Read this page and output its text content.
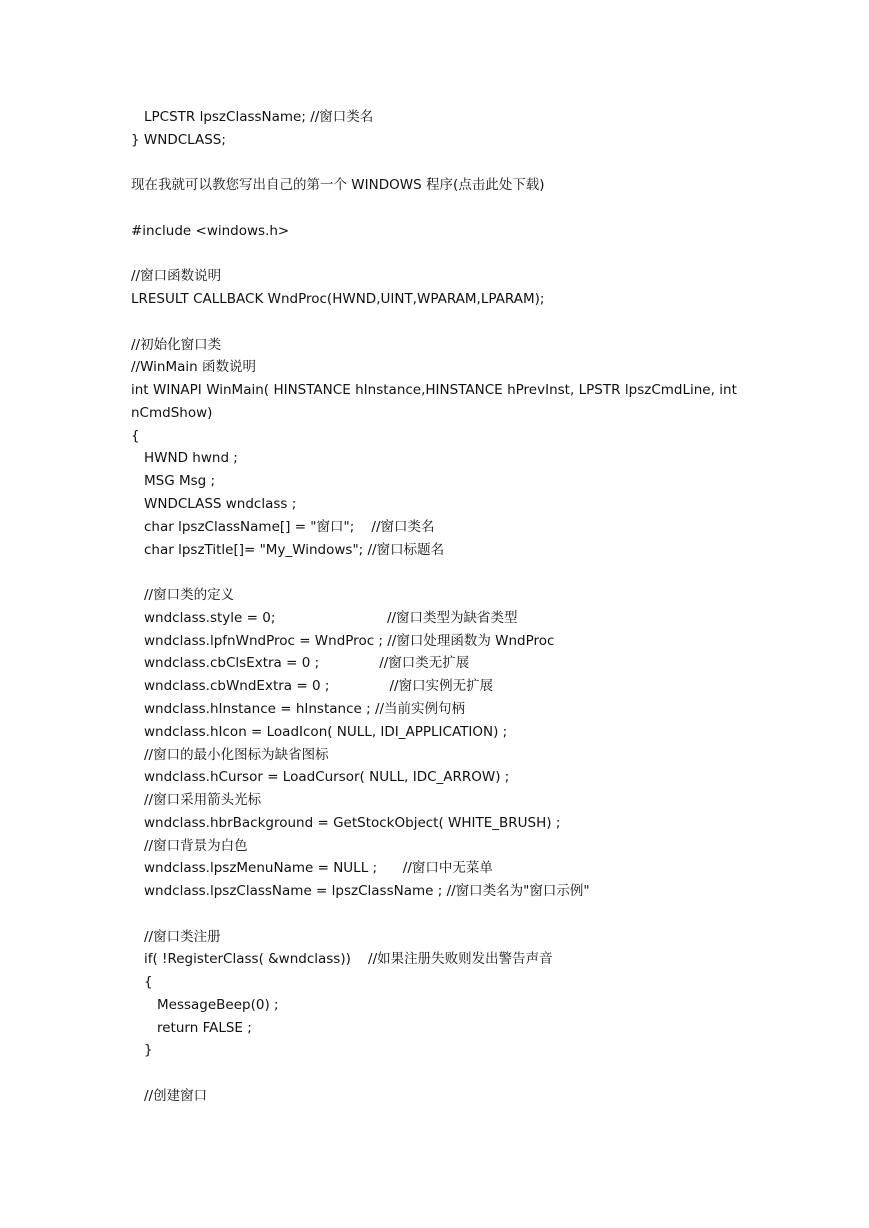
LPCSTR lpszClassName; //窗口类名
} WNDCLASS;
现在我就可以教您写出自己的第一个 WINDOWS 程序(点击此处下载)
#include <windows.h>
//窗口函数说明
LRESULT CALLBACK WndProc(HWND,UINT,WPARAM,LPARAM);
//初始化窗口类
//WinMain 函数说明
int WINAPI WinMain( HINSTANCE hInstance,HINSTANCE hPrevInst, LPSTR lpszCmdLine, int
nCmdShow)
{
HWND hwnd ;
MSG Msg ;
WNDCLASS wndclass ;
char lpszClassName[] = "窗口";    //窗口类名
char lpszTitle[]= "My_Windows"; //窗口标题名
//窗口类的定义
wndclass.style = 0;                          //窗口类型为缺省类型
wndclass.lpfnWndProc = WndProc ; //窗口处理函数为 WndProc
wndclass.cbClsExtra = 0 ;              //窗口类无扩展
wndclass.cbWndExtra = 0 ;              //窗口实例无扩展
wndclass.hInstance = hInstance ; //当前实例句柄
wndclass.hIcon = LoadIcon( NULL, IDI_APPLICATION) ;
//窗口的最小化图标为缺省图标
wndclass.hCursor = LoadCursor( NULL, IDC_ARROW) ;
//窗口采用箭头光标
wndclass.hbrBackground = GetStockObject( WHITE_BRUSH) ;
//窗口背景为白色
wndclass.lpszMenuName = NULL ;      //窗口中无菜单
wndclass.lpszClassName = lpszClassName ; //窗口类名为"窗口示例"
//窗口类注册
if( !RegisterClass( &wndclass))    //如果注册失败则发出警告声音
{
MessageBeep(0) ;
return FALSE ;
}
//创建窗口
